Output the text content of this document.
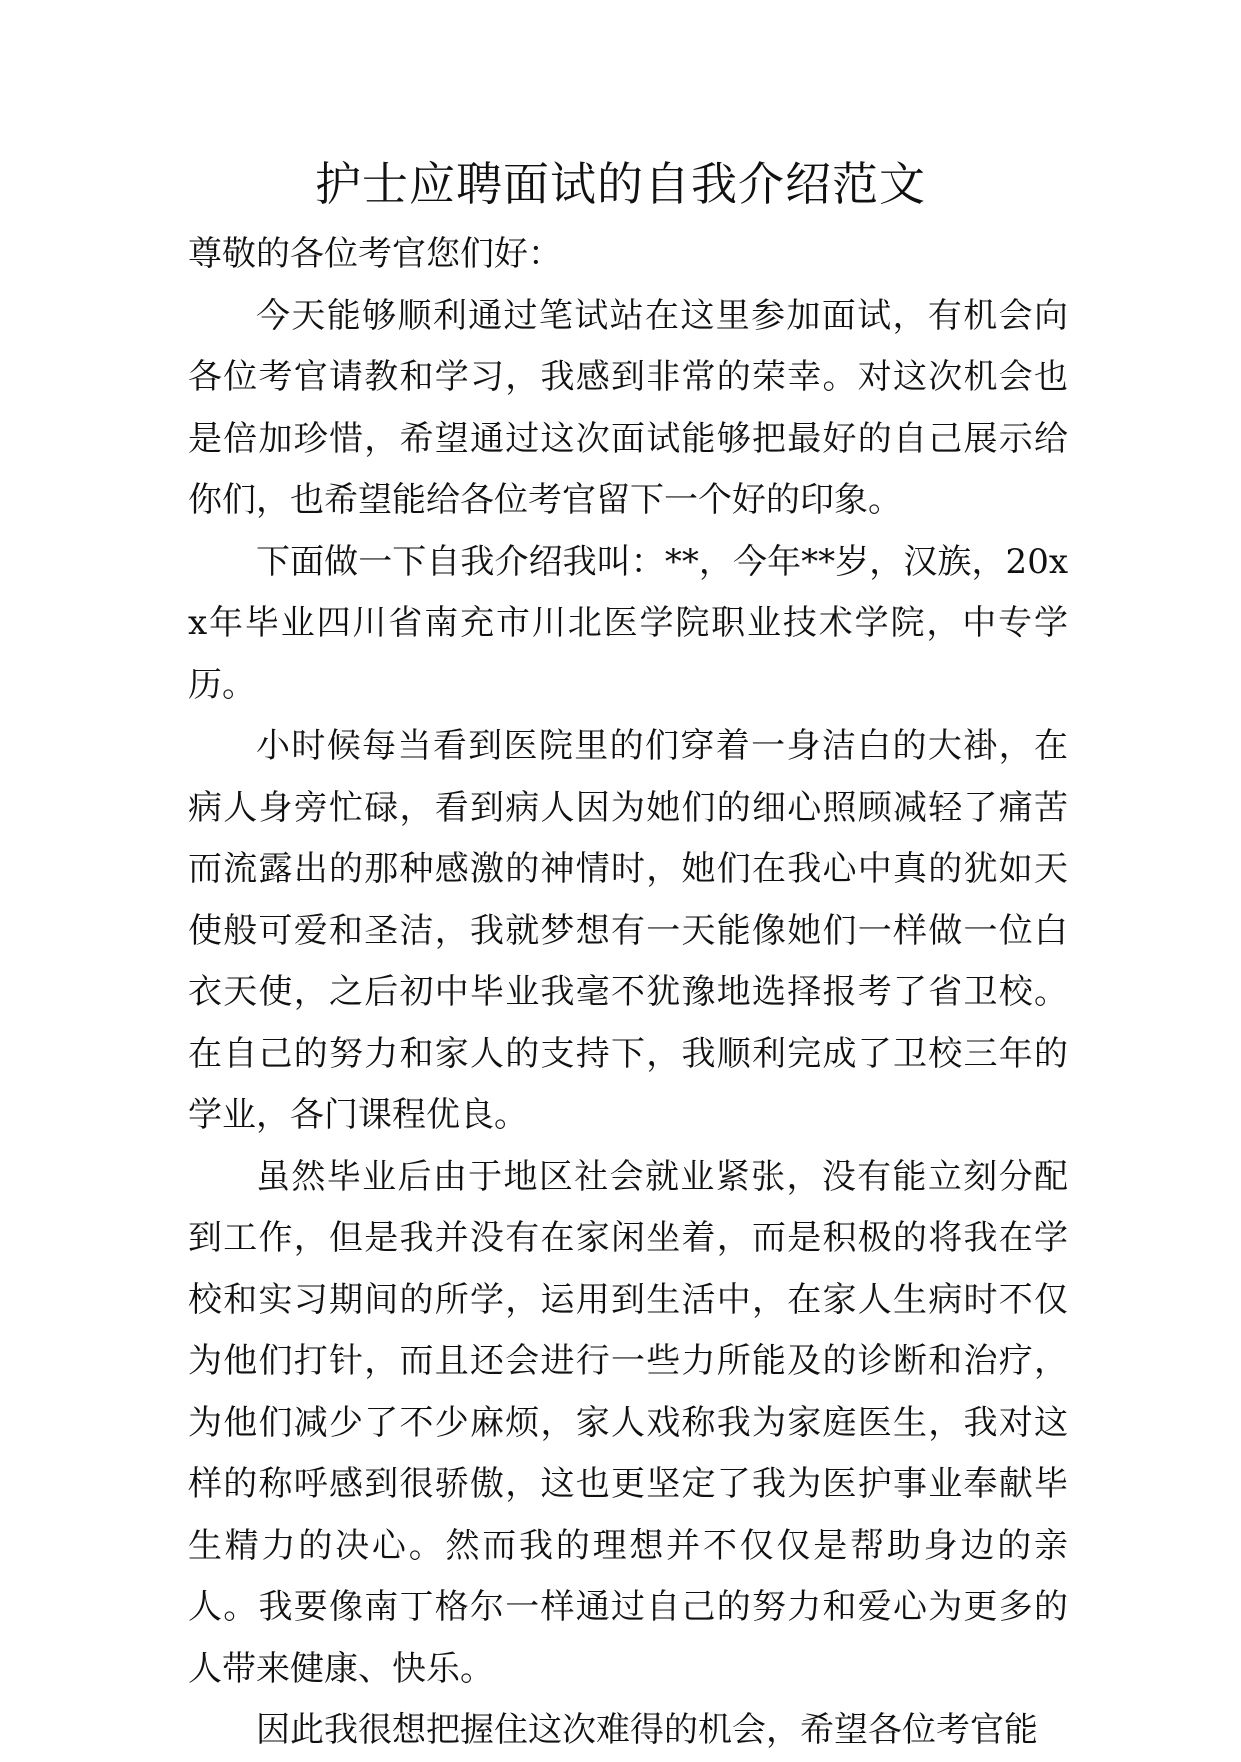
护士应聘面试的自我介绍范文

尊敬的各位考官您们好：

今天能够顺利通过笔试站在这里参加面试，有机会向各位考官请教和学习，我感到非常的荣幸。对这次机会也是倍加珍惜，希望通过这次面试能够把最好的自己展示给你们，也希望能给各位考官留下一个好的印象。

下面做一下自我介绍我叫：**，今年**岁，汉族，20xx年毕业四川省南充市川北医学院职业技术学院，中专学历。

小时候每当看到医院里的们穿着一身洁白的大褂，在病人身旁忙碌，看到病人因为她们的细心照顾减轻了痛苦而流露出的那种感激的神情时，她们在我心中真的犹如天使般可爱和圣洁，我就梦想有一天能像她们一样做一位白衣天使，之后初中毕业我毫不犹豫地选择报考了省卫校。在自己的努力和家人的支持下，我顺利完成了卫校三年的学业，各门课程优良。

虽然毕业后由于地区社会就业紧张，没有能立刻分配到工作，但是我并没有在家闲坐着，而是积极的将我在学校和实习期间的所学，运用到生活中，在家人生病时不仅为他们打针，而且还会进行一些力所能及的诊断和治疗，为他们减少了不少麻烦，家人戏称我为家庭医生，我对这样的称呼感到很骄傲，这也更坚定了我为医护事业奉献毕生精力的决心。然而我的理想并不仅仅是帮助身边的亲人。我要像南丁格尔一样通过自己的努力和爱心为更多的人带来健康、快乐。

因此我很想把握住这次难得的机会，希望各位考官能
